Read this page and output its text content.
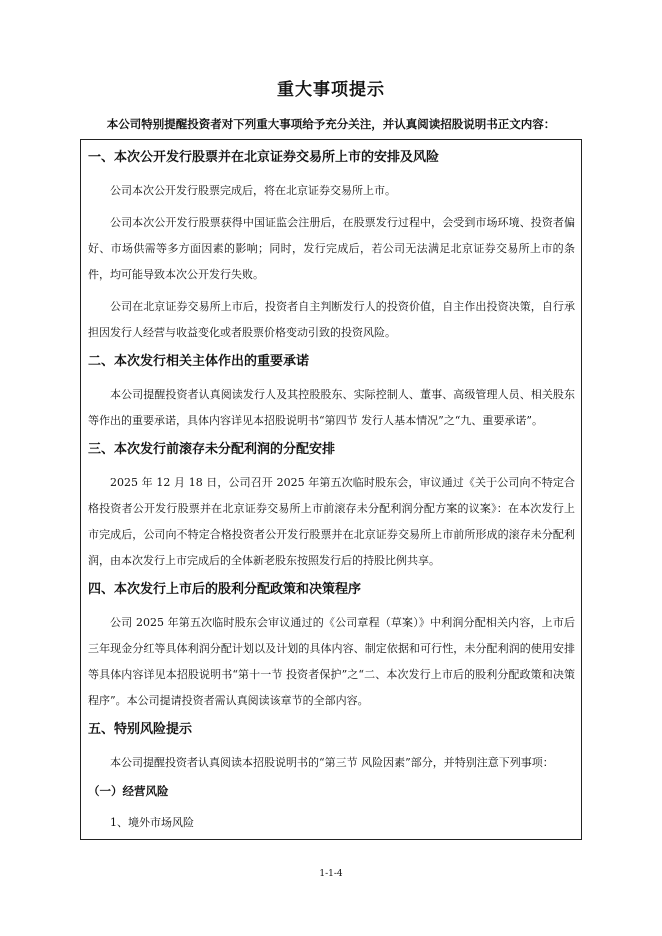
重大事项提示
本公司特别提醒投资者对下列重大事项给予充分关注，并认真阅读招股说明书正文内容：
一、本次公开发行股票并在北京证券交易所上市的安排及风险

公司本次公开发行股票完成后，将在北京证券交易所上市。

公司本次公开发行股票获得中国证监会注册后，在股票发行过程中，会受到市场环境、投资者偏好、市场供需等多方面因素的影响；同时，发行完成后，若公司无法满足北京证券交易所上市的条件，均可能导致本次公开发行失败。

公司在北京证券交易所上市后，投资者自主判断发行人的投资价值，自主作出投资决策，自行承担因发行人经营与收益变化或者股票价格变动引致的投资风险。

二、本次发行相关主体作出的重要承诺

本公司提醒投资者认真阅读发行人及其控股股东、实际控制人、董事、高级管理人员、相关股东等作出的重要承诺，具体内容详见本招股说明书“第四节 发行人基本情况”之“九、重要承诺”。

三、本次发行前滚存未分配利润的分配安排

2025 年 12 月 18 日，公司召开 2025 年第五次临时股东会，审议通过《关于公司向不特定合格投资者公开发行股票并在北京证券交易所上市前滚存未分配利润分配方案的议案》：在本次发行上市完成后，公司向不特定合格投资者公开发行股票并在北京证券交易所上市前所形成的滚存未分配利润，由本次发行上市完成后的全体新老股东按照发行后的持股比例共享。

四、本次发行上市后的股利分配政策和决策程序

公司 2025 年第五次临时股东会审议通过的《公司章程（草案）》中利润分配相关内容，上市后三年现金分红等具体利润分配计划以及计划的具体内容、制定依据和可行性，未分配利润的使用安排等具体内容详见本招股说明书“第十一节 投资者保护”之“二、本次发行上市后的股利分配政策和决策程序”。本公司提请投资者需认真阅读该章节的全部内容。

五、特别风险提示

本公司提醒投资者认真阅读本招股说明书的“第三节 风险因素”部分，并特别注意下列事项：

（一）经营风险

1、境外市场风险

1-1-4
